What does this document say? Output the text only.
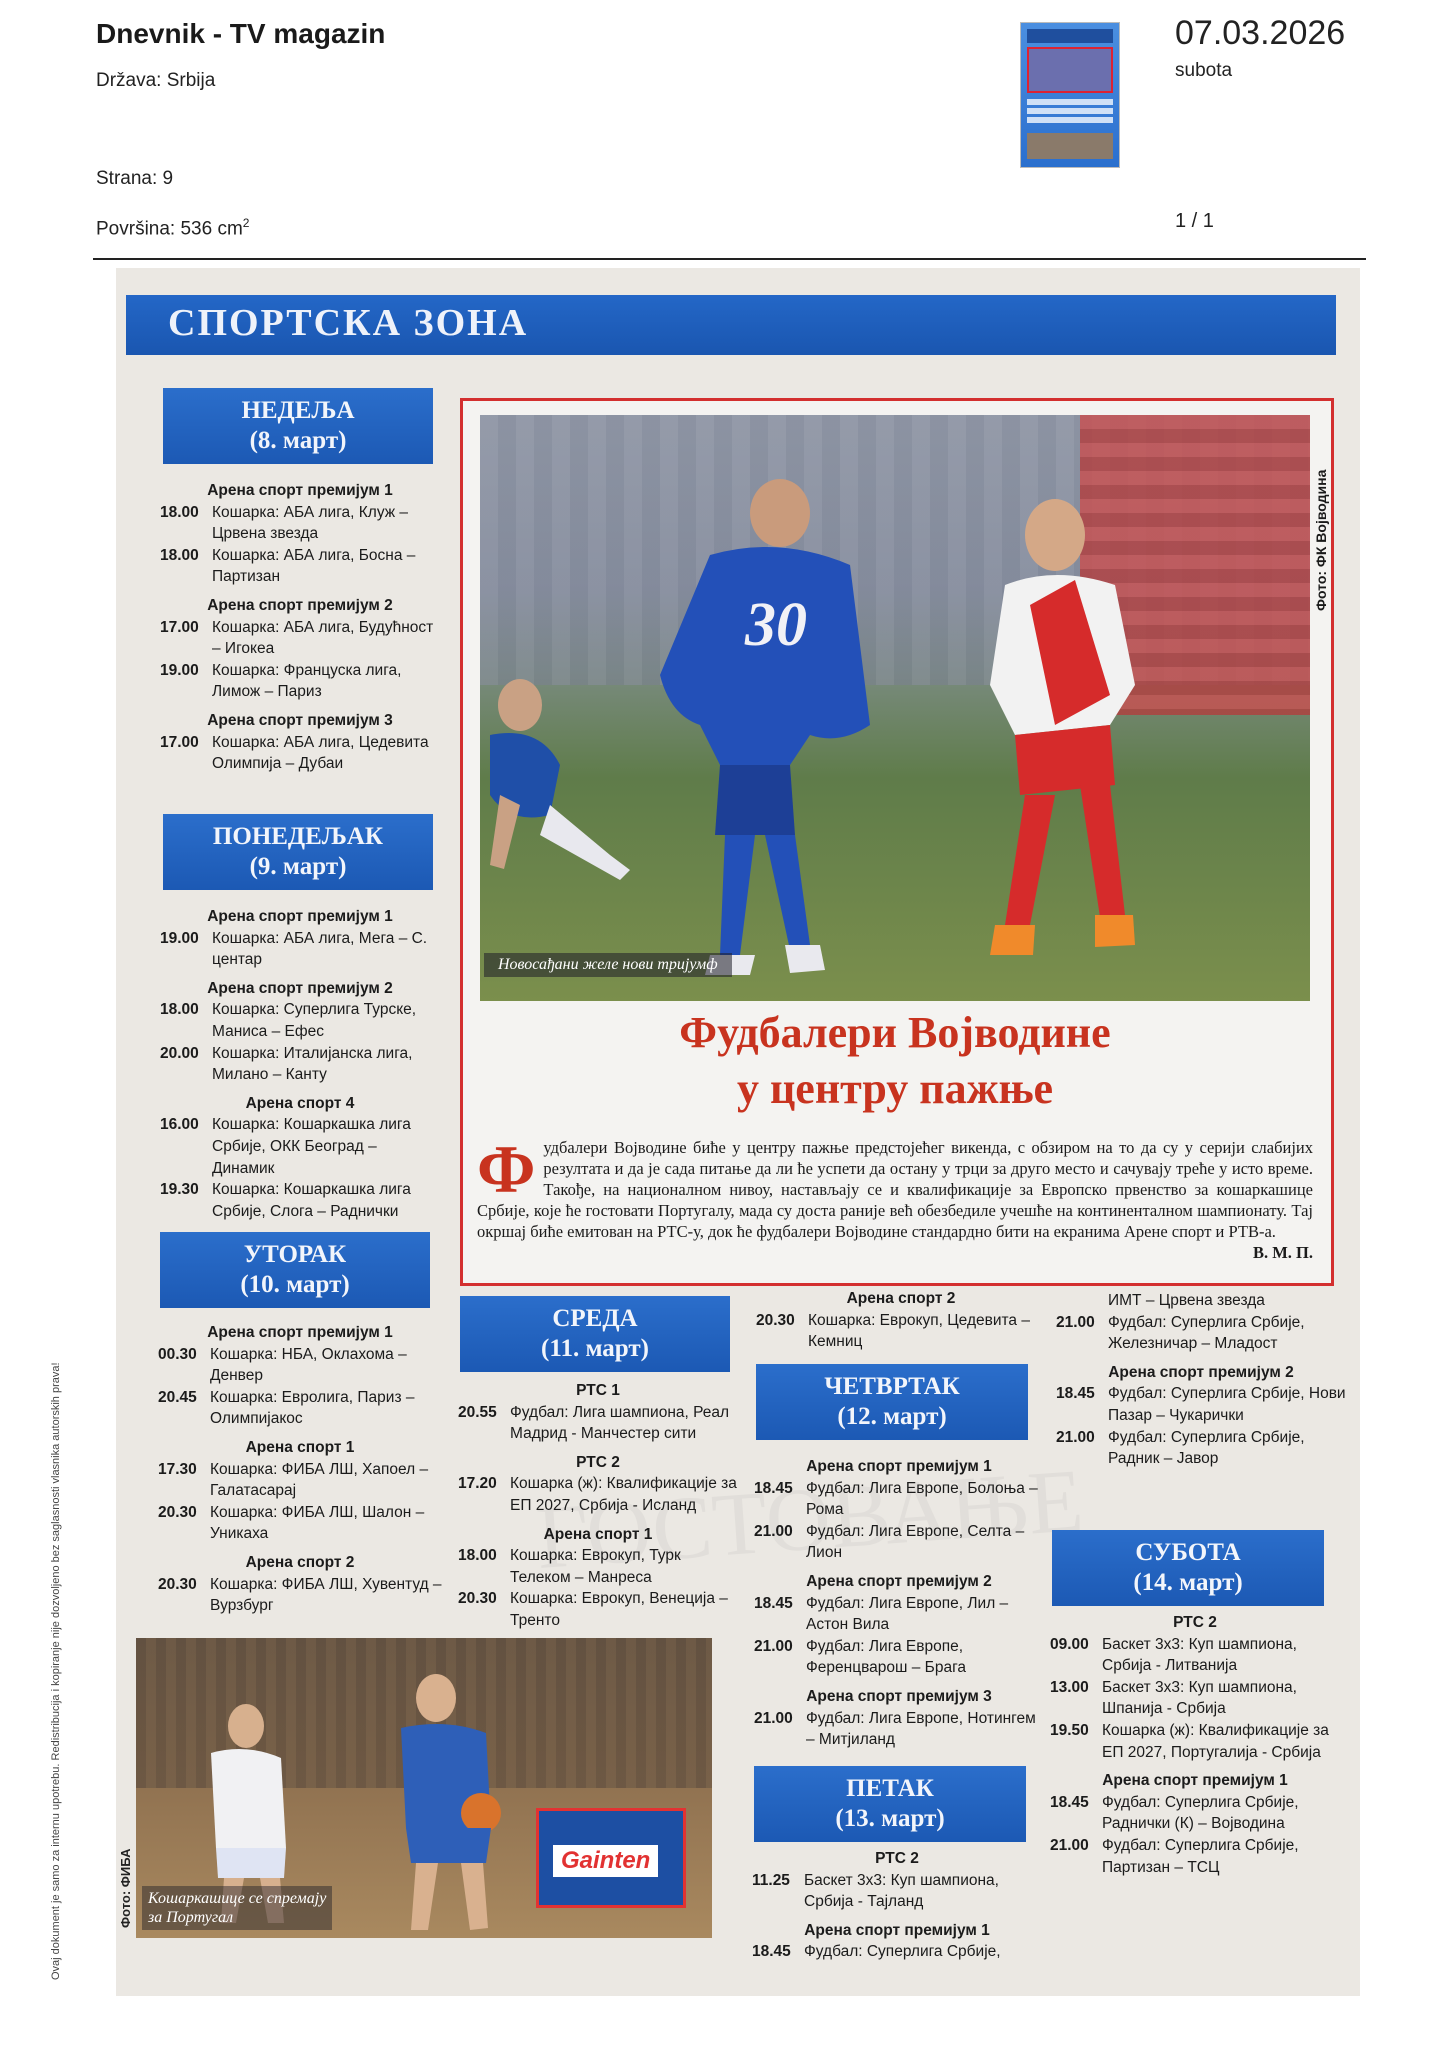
Dnevnik - TV magazin
Država: Srbija
Strana: 9
Površina: 536 $cm^2$
07.03.2026
subota
1 / 1
Ovaj dokument je samo za internu upotrebu. Redistribucija i kopiranje nije dozvoljeno bez saglasnosti vlasnika autorskih prava!
СПОРТСКА ЗОНА
НЕДЕЉА
(8. март)
Арена спорт премијум 1
18.00 Кошарка: АБА лига, Клуж – Црвена звезда
18.00 Кошарка: АБА лига, Босна – Партизан
Арена спорт премијум 2
17.00 Кошарка: АБА лига, Будућност – Игокеа
19.00 Кошарка: Француска лига, Лимож – Париз
Арена спорт премијум 3
17.00 Кошарка: АБА лига, Цедевита Олимпија – Дубаи
ПОНЕДЕЉАК
(9. март)
Арена спорт премијум 1
19.00 Кошарка: АБА лига, Мега – С. центар
Арена спорт премијум 2
18.00 Кошарка: Суперлига Турске, Маниса – Ефес
20.00 Кошарка: Италијанска лига, Милано – Канту
Арена спорт 4
16.00 Кошарка: Кошаркашка лига Србије, ОКК Београд – Динамик
19.30 Кошарка: Кошаркашка лига Србије, Слога – Раднички
УТОРАК
(10. март)
Арена спорт премијум 1
00.30 Кошарка: НБА, Оклахома – Денвер
20.45 Кошарка: Евролига, Париз – Олимпијакос
Арена спорт 1
17.30 Кошарка: ФИБА ЛШ, Хапоел – Галатасарај
20.30 Кошарка: ФИБА ЛШ, Шалон – Уникаха
Арена спорт 2
20.30 Кошарка: ФИБА ЛШ, Хувентуд – Вурзбург
30
Новосађани желе нови тријумф
Фото: ФК Војводина
Фудбалери Војводине
у центру пажње
Фудбалери Војводине биће у центру пажње предстојећег викенда, с обзиром на то да су у серији слабијих резултата и да је сада питање да ли ће успети да остану у трци за друго место и сачувају треће у исто време. Такође, на националном нивоу, настављају се и квалификације за Европско првенство за кошаркашице Србије, које ће гостовати Португалу, мада су доста раније већ обезбедиле учешће на континенталном шампионату. Тај окршај биће емитован на РТС-у, док ће фудбалери Војводине стандардно бити на екранима Арене спорт и РТВ-а.
В. М. П.
СРЕДА
(11. март)
РТС 1
20.55 Фудбал: Лига шампиона, Реал Мадрид - Манчестер сити
РТС 2
17.20 Кошарка (ж): Квалификације за ЕП 2027, Србија - Исланд
Арена спорт 1
18.00 Кошарка: Еврокуп, Турк Телеком – Манреса
20.30 Кошарка: Еврокуп, Венеција – Тренто
Арена спорт 2
20.30 Кошарка: Еврокуп, Цедевита – Кемниц
ЧЕТВРТАК
(12. март)
Арена спорт премијум 1
18.45 Фудбал: Лига Европе, Болоња – Рома
21.00 Фудбал: Лига Европе, Селта – Лион
Арена спорт премијум 2
18.45 Фудбал: Лига Европе, Лил – Астон Вила
21.00 Фудбал: Лига Европе, Ференцварош – Брага
Арена спорт премијум 3
21.00 Фудбал: Лига Европе, Нотингем – Митјиланд
ПЕТАК
(13. март)
РТС 2
11.25 Баскет 3x3: Куп шампиона, Србија - Тајланд
Арена спорт премијум 1
18.45 Фудбал: Суперлига Србије,
ИМТ – Црвена звезда
21.00 Фудбал: Суперлига Србије, Железничар – Младост
Арена спорт премијум 2
18.45 Фудбал: Суперлига Србије, Нови Пазар – Чукарички
21.00 Фудбал: Суперлига Србије, Радник – Јавор
СУБОТА
(14. март)
РТС 2
09.00 Баскет 3x3: Куп шампиона, Србија - Литванија
13.00 Баскет 3x3: Куп шампиона, Шпанија - Србија
19.50 Кошарка (ж): Квалификације за ЕП 2027, Португалија - Србија
Арена спорт премијум 1
18.45 Фудбал: Суперлига Србије, Раднички (К) – Војводина
21.00 Фудбал: Суперлига Србије, Партизан – ТСЦ
Gainten
Кошаркашице се спремају
за Португал
Фото: ФИБА
